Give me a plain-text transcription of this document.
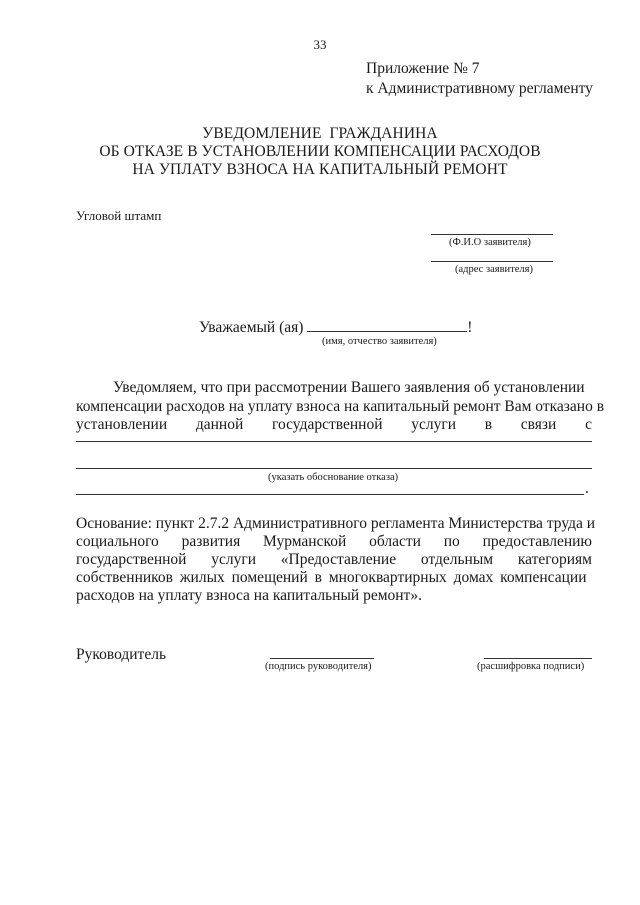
33
Приложение № 7
к Административному регламенту
УВЕДОМЛЕНИЕ  ГРАЖДАНИНА
ОБ ОТКАЗЕ В УСТАНОВЛЕНИИ КОМПЕНСАЦИИ РАСХОДОВ
НА УПЛАТУ ВЗНОСА НА КАПИТАЛЬНЫЙ РЕМОНТ
Угловой штамп
(Ф.И.О заявителя)
(адрес заявителя)
Уважаемый (ая)	!
(имя, отчество заявителя)
Уведомляем, что при рассмотрении Вашего заявления об установлении
компенсации расходов на уплату взноса на капитальный ремонт Вам отказано в
установлении данной государственной услуги в связи с
(указать обоснование отказа)
.
Основание: пункт 2.7.2 Административного регламента Министерства труда и
социального развития Мурманской области по предоставлению
государственной услуги «Предоставление отдельным категориям
собственников жилых помещений в многоквартирных домах компенсации
расходов на уплату взноса на капитальный ремонт».
Руководитель
(подпись руководителя)	(расшифровка подписи)
